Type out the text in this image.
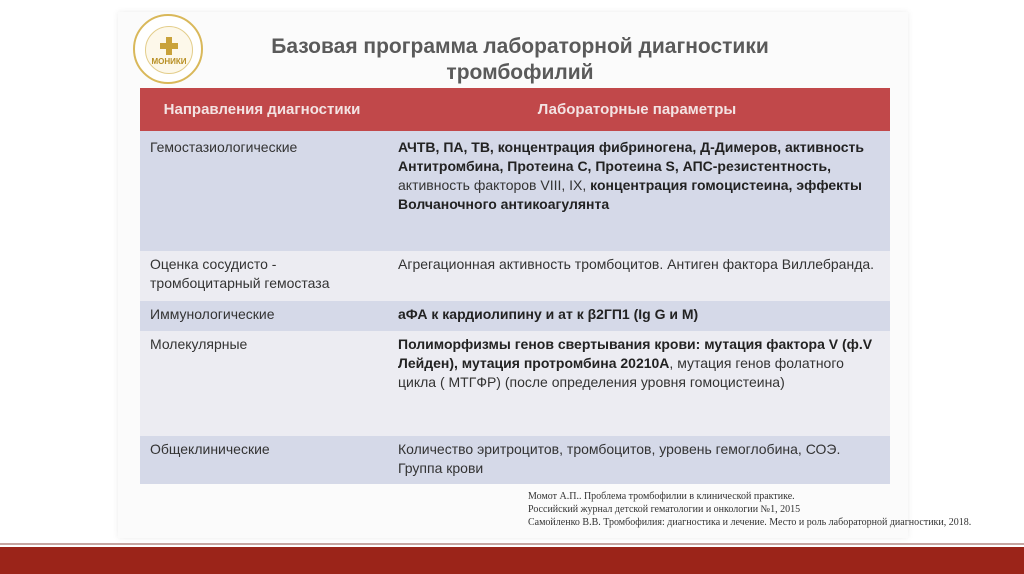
МОНИКИ
Базовая программа лабораторной диагностики тромбофилий
Направления диагностики	Лабораторные параметры
Гемостазиологические	АЧТВ, ПА, ТВ, концентрация фибриногена, Д-Димеров, активность Антитромбина, Протеина С, Протеина S, АПС-резистентность, активность факторов VIII, IX, концентрация гомоцистеина, эффекты Волчаночного антикоагулянта
Оценка сосудисто - тромбоцитарный гемостаза	Агрегационная активность тромбоцитов. Антиген фактора Виллебранда.
Иммунологические	аФА к кардиолипину и ат к β2ГП1 (Ig G и M)
Молекулярные	Полиморфизмы генов свертывания крови: мутация фактора V (ф.V Лейден), мутация протромбина 20210А, мутация генов фолатного цикла ( МТГФР) (после определения уровня гомоцистеина)
Общеклинические	Количество эритроцитов, тромбоцитов, уровень гемоглобина, СОЭ. Группа крови
Момот А.П.. Проблема тромбофилии в клинической практике.
Российский журнал детской гематологии и онкологии №1, 2015
Самойленко В.В. Тромбофилия: диагностика и лечение. Место и роль лабораторной диагностики, 2018.
